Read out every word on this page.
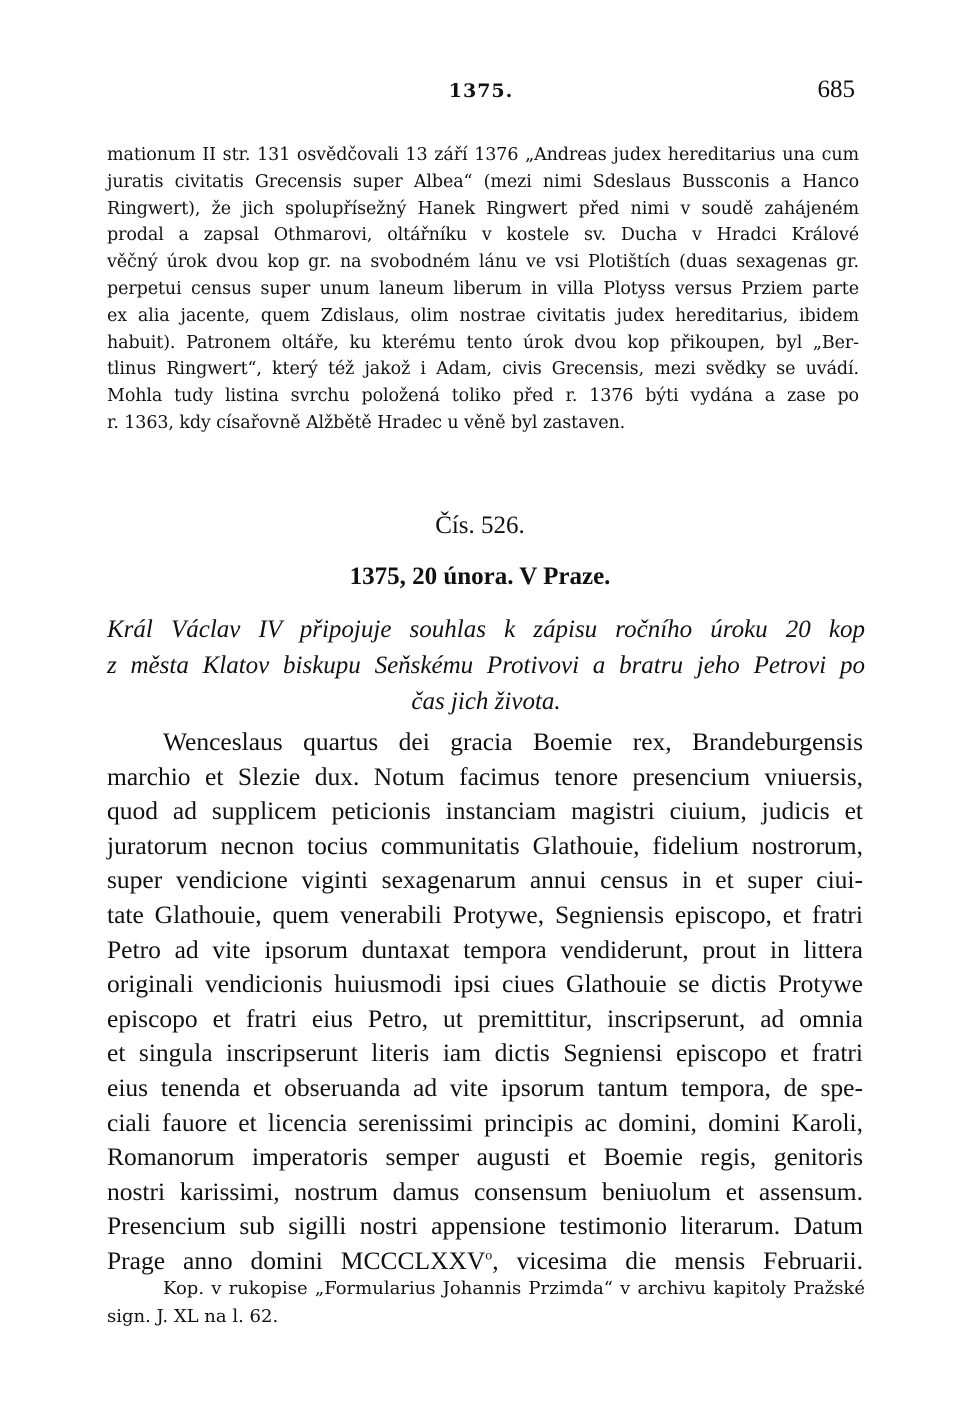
1375.	685
mationum II str. 131 osvědčovali 13 září 1376 „Andreas judex hereditarius una cum
juratis civitatis Grecensis super Albea“ (mezi nimi Sdeslaus Bussconis a Hanco
Ringwert), že jich spolupřísežný Hanek Ringwert před nimi v soudě zahájeném
prodal a zapsal Othmarovi, oltářníku v kostele sv. Ducha v Hradci Králové
věčný úrok dvou kop gr. na svobodném lánu ve vsi Plotištích (duas sexagenas gr.
perpetui census super unum laneum liberum in villa Plotyss versus Prziem parte
ex alia jacente, quem Zdislaus, olim nostrae civitatis judex hereditarius, ibidem
habuit). Patronem oltáře, ku kterému tento úrok dvou kop přikoupen, byl „Ber-
tlinus Ringwert“, který též jakož i Adam, civis Grecensis, mezi svědky se uvádí.
Mohla tudy listina svrchu položená toliko před r. 1376 býti vydána a zase po
r. 1363, kdy císařovně Alžbětě Hradec u věně byl zastaven.
Čís. 526.
1375, 20 února. V Praze.
Král Václav IV připojuje souhlas k zápisu ročního úroku 20 kop
z města Klatov biskupu Seňskému Protivovi a bratru jeho Petrovi po
čas jich života.
Wenceslaus quartus dei gracia Boemie rex, Brandeburgensis
marchio et Slezie dux. Notum facimus tenore presencium vniuersis,
quod ad supplicem peticionis instanciam magistri ciuium, judicis et
juratorum necnon tocius communitatis Glathouie, fidelium nostrorum,
super vendicione viginti sexagenarum annui census in et super ciui-
tate Glathouie, quem venerabili Protywe, Segniensis episcopo, et fratri
Petro ad vite ipsorum duntaxat tempora vendiderunt, prout in littera
originali vendicionis huiusmodi ipsi ciues Glathouie se dictis Protywe
episcopo et fratri eius Petro, ut premittitur, inscripserunt, ad omnia
et singula inscripserunt literis iam dictis Segniensi episcopo et fratri
eius tenenda et obseruanda ad vite ipsorum tantum tempora, de spe-
ciali fauore et licencia serenissimi principis ac domini, domini Karoli,
Romanorum imperatoris semper augusti et Boemie regis, genitoris
nostri karissimi, nostrum damus consensum beniuolum et assensum.
Presencium sub sigilli nostri appensione testimonio literarum. Datum
Prage anno domini MCCCLXXV$^o$, vicesima die mensis Februarii.
Kop. v rukopise „Formularius Johannis Przimda“ v archivu kapitoly Pražské
sign. J. XL na l. 62.
